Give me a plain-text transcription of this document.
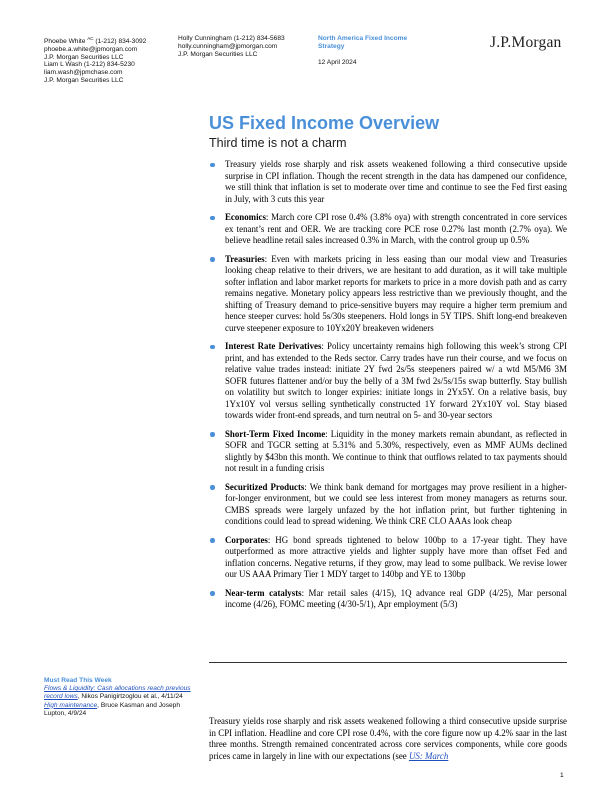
Phoebe White $^{AC}$ (1-212) 834-3092
phoebe.a.white@jpmorgan.com
J.P. Morgan Securities LLC
Liam L Wash (1-212) 834-5230
liam.wash@jpmchase.com
J.P. Morgan Securities LLC
Holly Cunningham (1-212) 834-5683
holly.cunningham@jpmorgan.com
J.P. Morgan Securities LLC
North America Fixed Income
Strategy
12 April 2024
J.P.Morgan
US Fixed Income Overview
Third time is not a charm
Treasury yields rose sharply and risk assets weakened following a third consecutive upside surprise in CPI inflation. Though the recent strength in the data has dampened our confidence, we still think that inflation is set to moderate over time and continue to see the Fed first easing in July, with 3 cuts this year
Economics: March core CPI rose 0.4% (3.8% oya) with strength concentrated in core services ex tenant’s rent and OER. We are tracking core PCE rose 0.27% last month (2.7% oya). We believe headline retail sales increased 0.3% in March, with the control group up 0.5%
Treasuries: Even with markets pricing in less easing than our modal view and Treasuries looking cheap relative to their drivers, we are hesitant to add duration, as it will take multiple softer inflation and labor market reports for markets to price in a more dovish path and as carry remains negative. Monetary policy appears less restrictive than we previously thought, and the shifting of Treasury demand to price-sensitive buyers may require a higher term premium and hence steeper curves: hold 5s/30s steepeners. Hold longs in 5Y TIPS. Shift long-end breakeven curve steepener exposure to 10Yx20Y breakeven wideners
Interest Rate Derivatives: Policy uncertainty remains high following this week’s strong CPI print, and has extended to the Reds sector. Carry trades have run their course, and we focus on relative value trades instead: initiate 2Y fwd 2s/5s steepeners paired w/ a wtd M5/M6 3M SOFR futures flattener and/or buy the belly of a 3M fwd 2s/5s/15s swap butterfly. Stay bullish on volatility but switch to longer expiries: initiate longs in 2Yx5Y. On a relative basis, buy 1Yx10Y vol versus selling synthetically constructed 1Y forward 2Yx10Y vol. Stay biased towards wider front-end spreads, and turn neutral on 5- and 30-year sectors
Short-Term Fixed Income: Liquidity in the money markets remain abundant, as reflected in SOFR and TGCR setting at 5.31% and 5.30%, respectively, even as MMF AUMs declined slightly by $43bn this month. We continue to think that outflows related to tax payments should not result in a funding crisis
Securitized Products: We think bank demand for mortgages may prove resilient in a higher-for-longer environment, but we could see less interest from money managers as returns sour. CMBS spreads were largely unfazed by the hot inflation print, but further tightening in conditions could lead to spread widening. We think CRE CLO AAAs look cheap
Corporates: HG bond spreads tightened to below 100bp to a 17-year tight. They have outperformed as more attractive yields and lighter supply have more than offset Fed and inflation concerns. Negative returns, if they grow, may lead to some pullback. We revise lower our US AAA Primary Tier 1 MDY target to 140bp and YE to 130bp
Near-term catalysts: Mar retail sales (4/15), 1Q advance real GDP (4/25), Mar personal income (4/26), FOMC meeting (4/30-5/1), Apr employment (5/3)
Must Read This Week
Flows & Liquidity: Cash allocations reach previous record lows, Nikos Panigirtzoglou et al., 4/11/24
High maintenance, Bruce Kasman and Joseph Lupton, 4/9/24
Treasury yields rose sharply and risk assets weakened following a third consecutive upside surprise in CPI inflation. Headline and core CPI rose 0.4%, with the core figure now up 4.2% saar in the last three months. Strength remained concentrated across core services components, while core goods prices came in largely in line with our expectations (see US: March
1
